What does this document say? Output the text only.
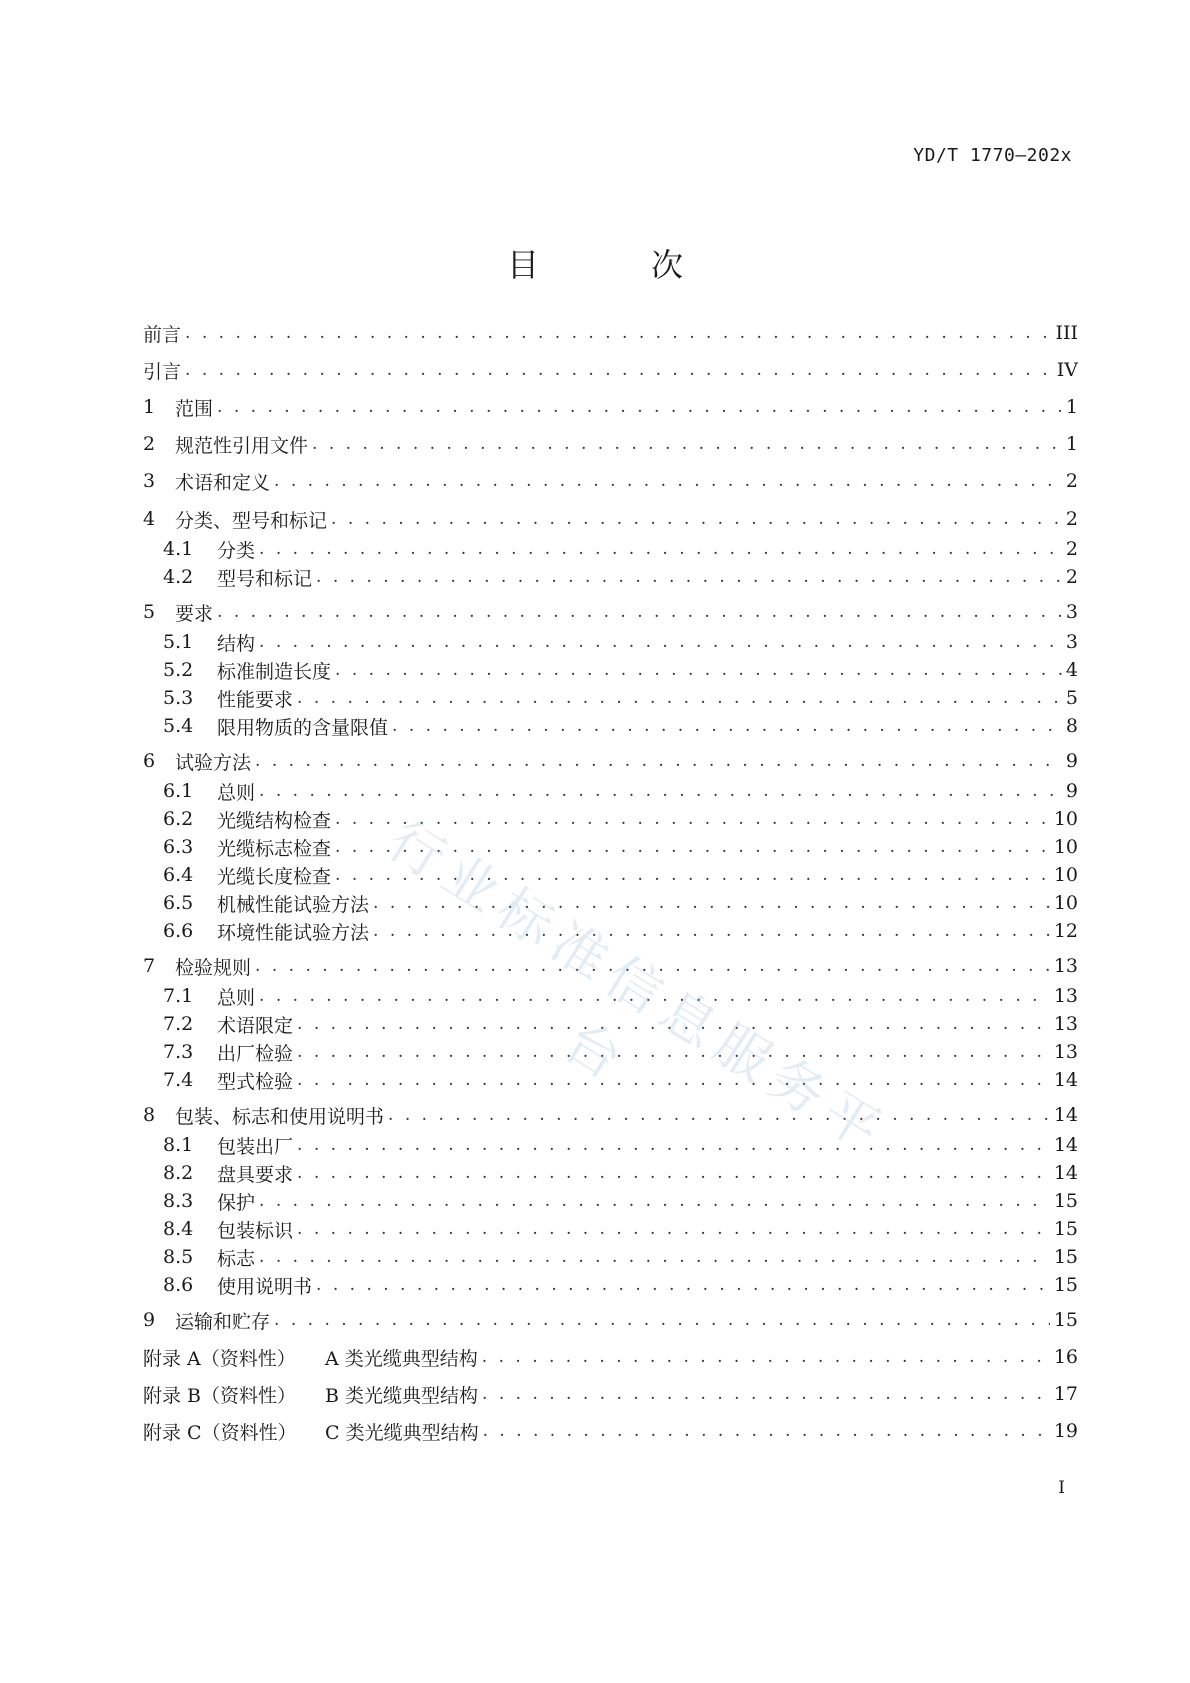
YD/T 1770—202x
目　次
前言 . . .	III
引言 . . .	IV
1	范围 . . .	1
2	规范性引用文件 . . .	1
3	术语和定义 . . .	2
4	分类、型号和标记 . . .	2
4.1	分类 . . .	2
4.2	型号和标记 . . .	2
5	要求 . . .	3
5.1	结构 . . .	3
5.2	标准制造长度 . . .	4
5.3	性能要求 . . .	5
5.4	限用物质的含量限值 . . .	8
6	试验方法 . . .	9
6.1	总则 . . .	9
6.2	光缆结构检查 . . .	10
6.3	光缆标志检查 . . .	10
6.4	光缆长度检查 . . .	10
6.5	机械性能试验方法 . . .	10
6.6	环境性能试验方法 . . .	12
7	检验规则 . . .	13
7.1	总则 . . .	13
7.2	术语限定 . . .	13
7.3	出厂检验 . . .	13
7.4	型式检验 . . .	14
8	包装、标志和使用说明书 . . .	14
8.1	包装出厂 . . .	14
8.2	盘具要求 . . .	14
8.3	保护 . . .	15
8.4	包装标识 . . .	15
8.5	标志 . . .	15
8.6	使用说明书 . . .	15
9	运输和贮存 . . .	15
附录 A（资料性）	A 类光缆典型结构 . . .	16
附录 B（资料性）	B 类光缆典型结构 . . .	17
附录 C（资料性）	C 类光缆典型结构 . . .	19
行业标准信息服务平台
I
